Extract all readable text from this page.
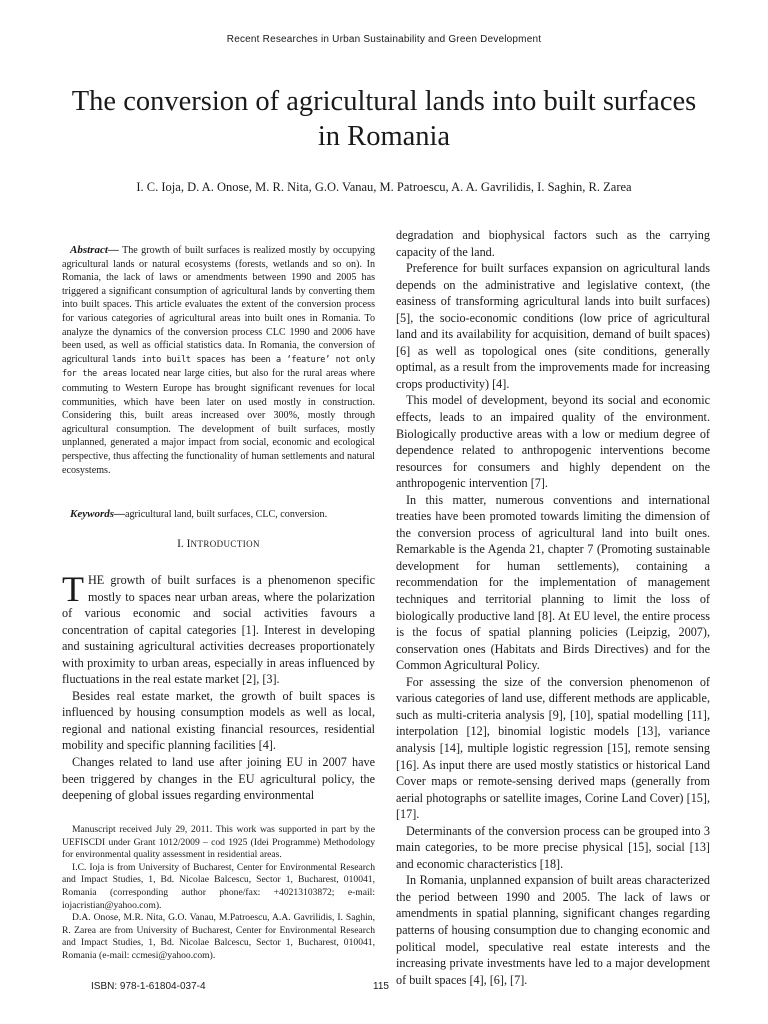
Recent Researches in Urban Sustainability and Green Development
The conversion of agricultural lands into built surfaces in Romania
I. C. Ioja, D. A. Onose, M. R. Nita, G.O. Vanau, M. Patroescu, A. A. Gavrilidis, I. Saghin, R. Zarea

Abstract— The growth of built surfaces is realized mostly by occupying agricultural lands or natural ecosystems (forests, wetlands and so on). In Romania, the lack of laws or amendments between 1990 and 2005 has triggered a significant consumption of agricultural lands by converting them into built spaces. This article evaluates the extent of the conversion process for various categories of agricultural areas into built ones in Romania. To analyze the dynamics of the conversion process CLC 1990 and 2006 have been used, as well as official statistics data. In Romania, the conversion of agricultural lands into built spaces has been a ‘feature’ not only for the areas located near large cities, but also for the rural areas where commuting to Western Europe has brought significant revenues for local communities, which have been later on used mostly in construction. Considering this, built areas increased over 300%, mostly through agricultural consumption. The development of built surfaces, mostly unplanned, generated a major impact from social, economic and ecological perspective, thus affecting the functionality of human settlements and natural ecosystems.

Keywords—agricultural land, built surfaces, CLC, conversion.

I. INTRODUCTION

THE growth of built surfaces is a phenomenon specific mostly to spaces near urban areas, where the polarization of various economic and social activities favours a concentration of capital categories [1]. Interest in developing and sustaining agricultural activities decreases proportionately with proximity to urban areas, especially in areas influenced by fluctuations in the real estate market [2], [3].

Besides real estate market, the growth of built spaces is influenced by housing consumption models as well as local, regional and national existing financial resources, residential mobility and specific planning facilities [4].

Changes related to land use after joining EU in 2007 have been triggered by changes in the EU agricultural policy, the deepening of global issues regarding environmental

Manuscript received July 29, 2011. This work was supported in part by the UEFISCDI under Grant 1012/2009 – cod 1925 (Idei Programme) Methodology for environmental quality assessment in residential areas.

I.C. Ioja is from University of Bucharest, Center for Environmental Research and Impact Studies, 1, Bd. Nicolae Balcescu, Sector 1, Bucharest, 010041, Romania (corresponding author phone/fax: +40213103872; e-mail: iojacristian@yahoo.com).

D.A. Onose, M.R. Nita, G.O. Vanau, M.Patroescu, A.A. Gavrilidis, I. Saghin, R. Zarea are from University of Bucharest, Center for Environmental Research and Impact Studies, 1, Bd. Nicolae Balcescu, Sector 1, Bucharest, 010041, Romania (e-mail: ccmesi@yahoo.com).

degradation and biophysical factors such as the carrying capacity of the land.

Preference for built surfaces expansion on agricultural lands depends on the administrative and legislative context, (the easiness of transforming agricultural lands into built surfaces) [5], the socio-economic conditions (low price of agricultural land and its availability for acquisition, demand of built spaces) [6] as well as topological ones (site conditions, generally optimal, as a result from the improvements made for increasing crops productivity) [4].

This model of development, beyond its social and economic effects, leads to an impaired quality of the environment. Biologically productive areas with a low or medium degree of dependence related to anthropogenic interventions become resources for consumers and highly dependent on the anthropogenic intervention [7].

In this matter, numerous conventions and international treaties have been promoted towards limiting the dimension of the conversion process of agricultural land into built ones. Remarkable is the Agenda 21, chapter 7 (Promoting sustainable development for human settlements), containing a recommendation for the implementation of management techniques and territorial planning to limit the loss of biologically productive land [8]. At EU level, the entire process is the focus of spatial planning policies (Leipzig, 2007), conservation ones (Habitats and Birds Directives) and for the Common Agricultural Policy.

For assessing the size of the conversion phenomenon of various categories of land use, different methods are applicable, such as multi-criteria analysis [9], [10], spatial modelling [11], interpolation [12], binomial logistic models [13], variance analysis [14], multiple logistic regression [15], remote sensing [16]. As input there are used mostly statistics or historical Land Cover maps or remote-sensing derived maps (generally from aerial photographs or satellite images, Corine Land Cover) [15], [17].

Determinants of the conversion process can be grouped into 3 main categories, to be more precise physical [15], social [13] and economic characteristics [18].

In Romania, unplanned expansion of built areas characterized the period between 1990 and 2005. The lack of laws or amendments in spatial planning, significant changes regarding patterns of housing consumption due to changing economic and political model, speculative real estate interests and the increasing private investments have led to a major development of built spaces [4], [6], [7].

ISBN: 978-1-61804-037-4	115
